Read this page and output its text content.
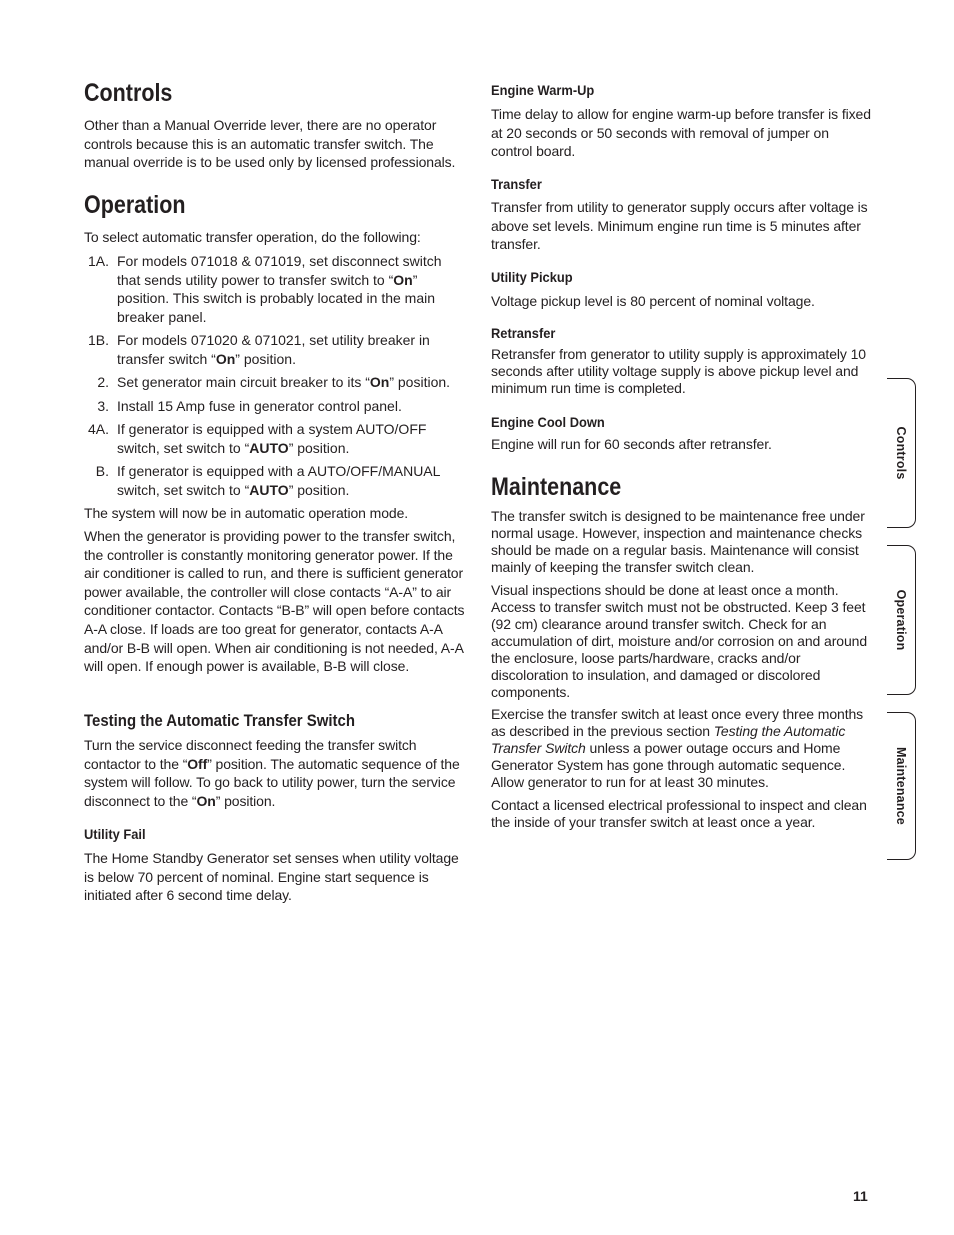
Controls

Other than a Manual Override lever, there are no operator controls because this is an automatic transfer switch. The manual override is to be used only by licensed professionals.

Operation

To select automatic transfer operation, do the following:

1A. For models 071018 & 071019, set disconnect switch that sends utility power to transfer switch to “On” position. This switch is probably located in the main breaker panel.
1B. For models 071020 & 071021, set utility breaker in transfer switch “On” position.
2. Set generator main circuit breaker to its “On” position.
3. Install 15 Amp fuse in generator control panel.
4A. If generator is equipped with a system AUTO/OFF switch, set switch to “AUTO” position.
B. If generator is equipped with a AUTO/OFF/MANUAL switch, set switch to “AUTO” position.

The system will now be in automatic operation mode.

When the generator is providing power to the transfer switch, the controller is constantly monitoring generator power. If the air conditioner is called to run, and there is sufficient generator power available, the controller will close contacts “A-A” to air conditioner contactor. Contacts “B-B” will open before contacts A-A close. If loads are too great for generator, contacts A-A and/or B-B will open. When air conditioning is not needed, A-A will open. If enough power is available, B-B will close.

Testing the Automatic Transfer Switch

Turn the service disconnect feeding the transfer switch contactor to the “Off” position. The automatic sequence of the system will follow. To go back to utility power, turn the service disconnect to the “On” position.

Utility Fail

The Home Standby Generator set senses when utility voltage is below 70 percent of nominal. Engine start sequence is initiated after 6 second time delay.

Engine Warm-Up

Time delay to allow for engine warm-up before transfer is fixed at 20 seconds or 50 seconds with removal of jumper on control board.

Transfer

Transfer from utility to generator supply occurs after voltage is above set levels. Minimum engine run time is 5 minutes after transfer.

Utility Pickup

Voltage pickup level is 80 percent of nominal voltage.

Retransfer

Retransfer from generator to utility supply is approximately 10 seconds after utility voltage supply is above pickup level and minimum run time is completed.

Engine Cool Down

Engine will run for 60 seconds after retransfer.

Maintenance

The transfer switch is designed to be maintenance free under normal usage. However, inspection and maintenance checks should be made on a regular basis. Maintenance will consist mainly of keeping the transfer switch clean.

Visual inspections should be done at least once a month. Access to transfer switch must not be obstructed. Keep 3 feet (92 cm) clearance around transfer switch. Check for an accumulation of dirt, moisture and/or corrosion on and around the enclosure, loose parts/hardware, cracks and/or discoloration to insulation, and damaged or discolored components.

Exercise the transfer switch at least once every three months as described in the previous section Testing the Automatic Transfer Switch unless a power outage occurs and Home Generator System has gone through automatic sequence. Allow generator to run for at least 30 minutes.

Contact a licensed electrical professional to inspect and clean the inside of your transfer switch at least once a year.

Controls
Operation
Maintenance
11
